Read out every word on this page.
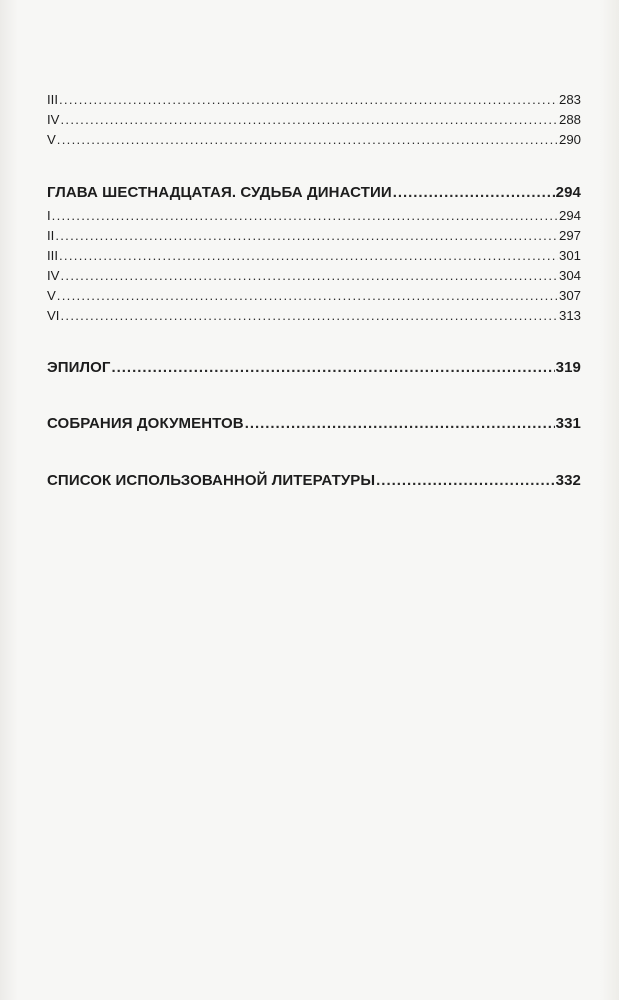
III . . .	283
IV . . .	288
V . . .	290
ГЛАВА ШЕСТНАДЦАТАЯ. СУДЬБА ДИНАСТИИ . . .	294
I . . .	294
II . . .	297
III . . .	301
IV . . .	304
V . . .	307
VI . . .	313
ЭПИЛОГ . . .	319
СОБРАНИЯ ДОКУМЕНТОВ . . .	331
СПИСОК ИСПОЛЬЗОВАННОЙ ЛИТЕРАТУРЫ . . .	332
